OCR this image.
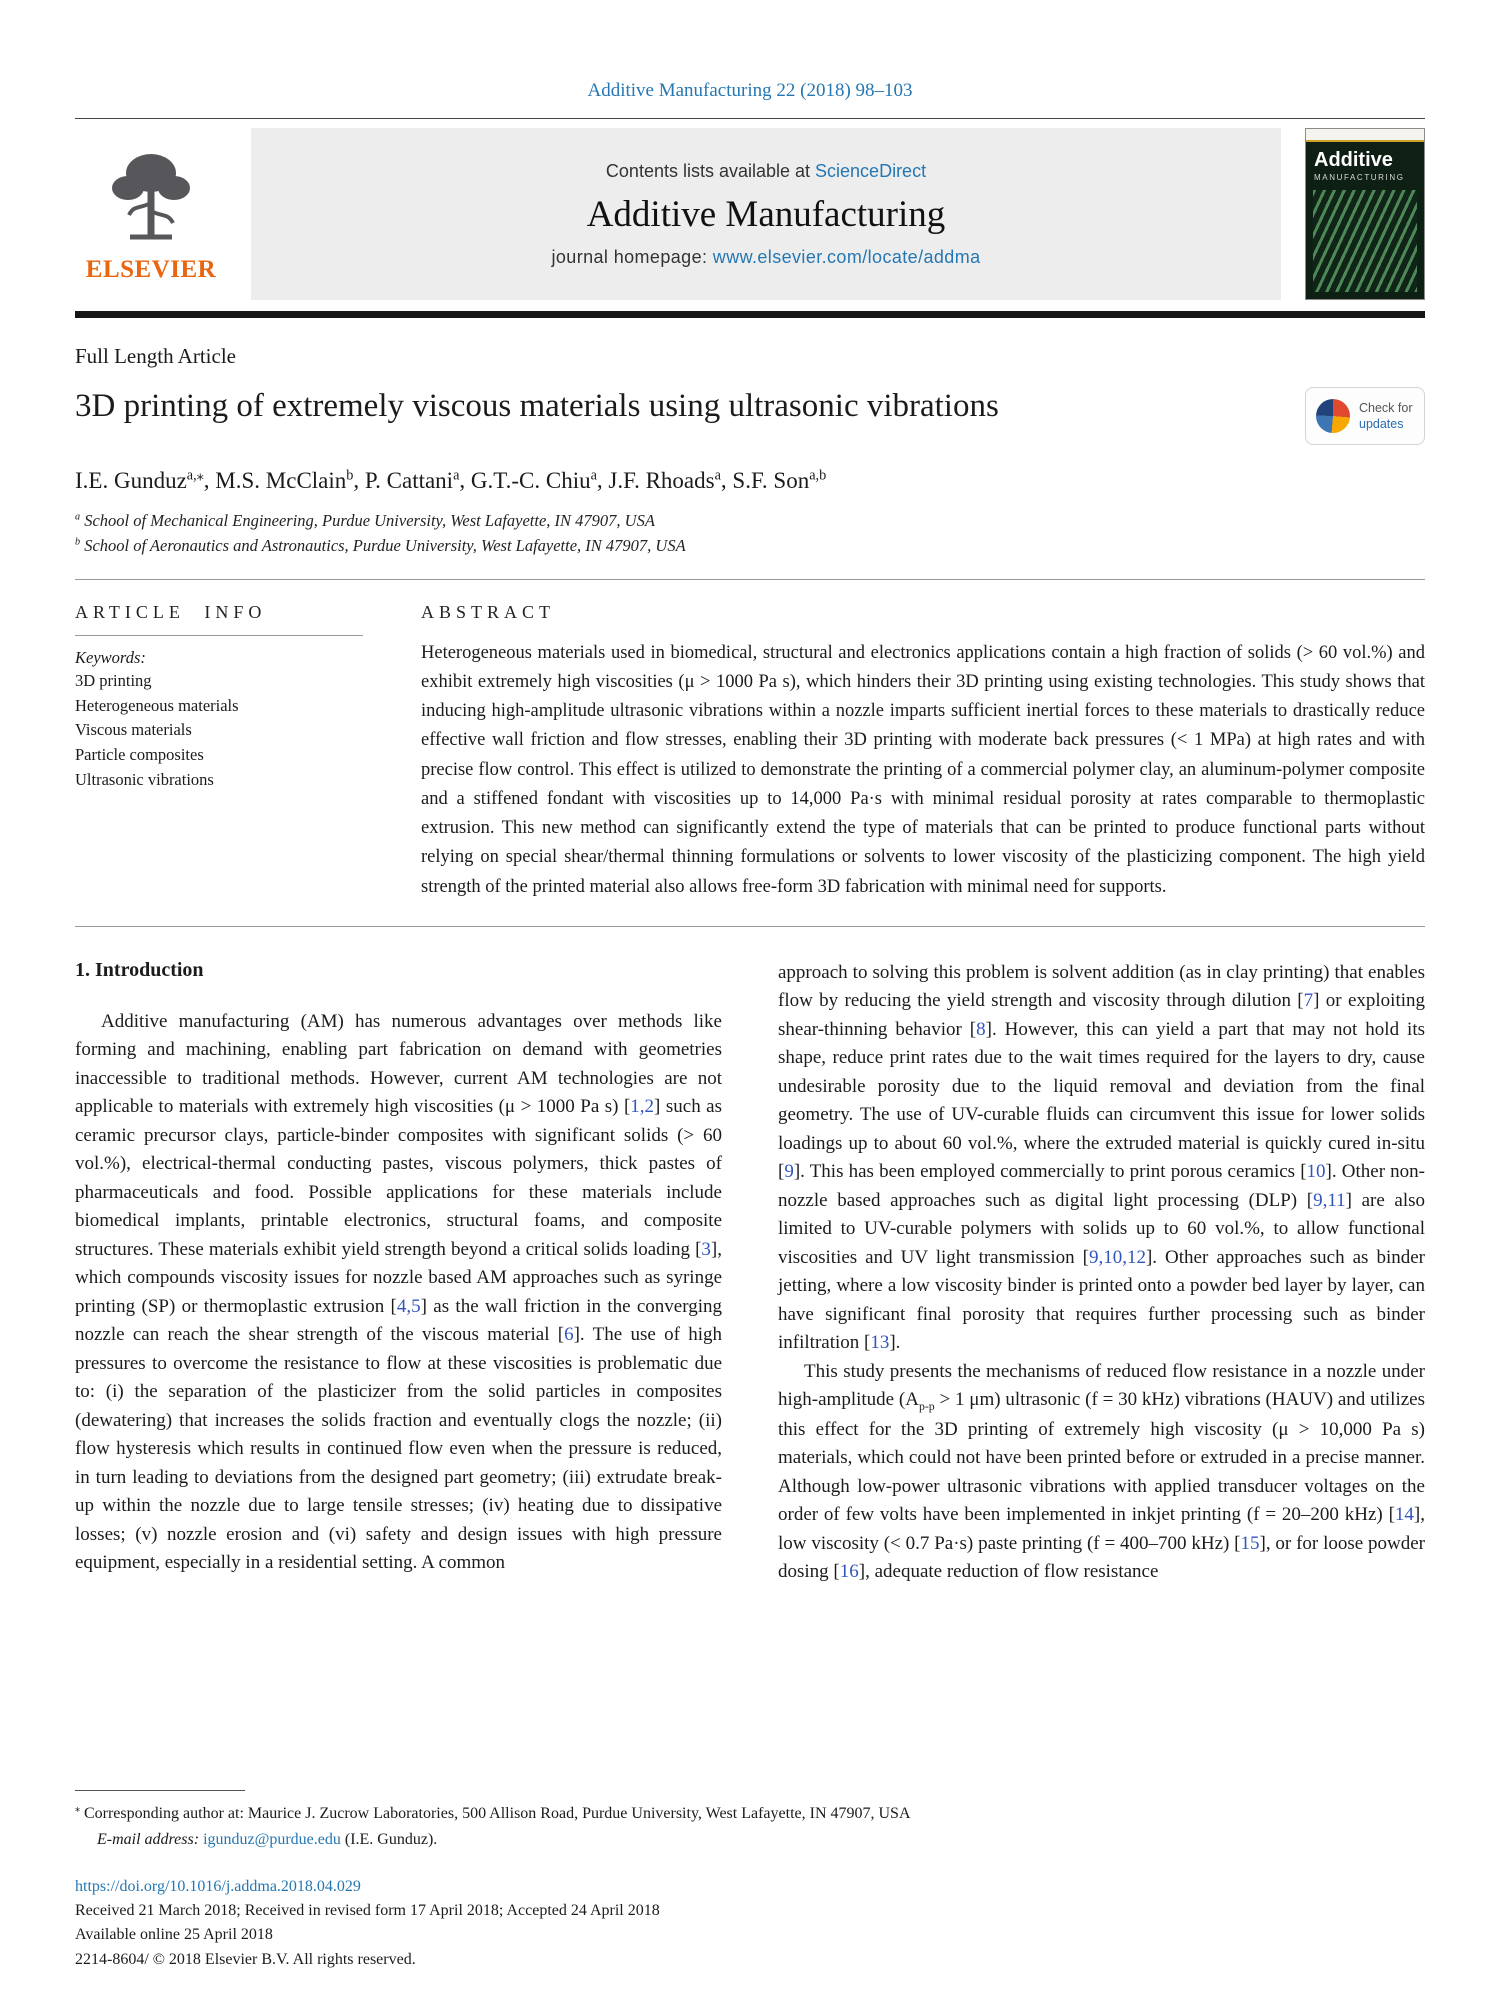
Additive Manufacturing 22 (2018) 98–103
ELSEVIER
Contents lists available at ScienceDirect
Additive Manufacturing
journal homepage: www.elsevier.com/locate/addma
Additive
MANUFACTURING
Full Length Article
3D printing of extremely viscous materials using ultrasonic vibrations	Check for
updates
I.E. Gunduz$^{a,⁎}$, M.S. McClain$^b$, P. Cattani$^a$, G.T.-C. Chiu$^a$, J.F. Rhoads$^a$, S.F. Son$^{a,b}$
$^a$ School of Mechanical Engineering, Purdue University, West Lafayette, IN 47907, USA
$^b$ School of Aeronautics and Astronautics, Purdue University, West Lafayette, IN 47907, USA
ARTICLE INFO
Keywords:
3D printing
Heterogeneous materials
Viscous materials
Particle composites
Ultrasonic vibrations
ABSTRACT

Heterogeneous materials used in biomedical, structural and electronics applications contain a high fraction of solids (> 60 vol.%) and exhibit extremely high viscosities (μ > 1000 Pa s), which hinders their 3D printing using existing technologies. This study shows that inducing high-amplitude ultrasonic vibrations within a nozzle imparts sufficient inertial forces to these materials to drastically reduce effective wall friction and flow stresses, enabling their 3D printing with moderate back pressures (< 1 MPa) at high rates and with precise flow control. This effect is utilized to demonstrate the printing of a commercial polymer clay, an aluminum-polymer composite and a stiffened fondant with viscosities up to 14,000 Pa·s with minimal residual porosity at rates comparable to thermoplastic extrusion. This new method can significantly extend the type of materials that can be printed to produce functional parts without relying on special shear/thermal thinning formulations or solvents to lower viscosity of the plasticizing component. The high yield strength of the printed material also allows free-form 3D fabrication with minimal need for supports.

1. Introduction

Additive manufacturing (AM) has numerous advantages over methods like forming and machining, enabling part fabrication on demand with geometries inaccessible to traditional methods. However, current AM technologies are not applicable to materials with extremely high viscosities (μ > 1000 Pa s) [1,2] such as ceramic precursor clays, particle-binder composites with significant solids (> 60 vol.%), electrical-thermal conducting pastes, viscous polymers, thick pastes of pharmaceuticals and food. Possible applications for these materials include biomedical implants, printable electronics, structural foams, and composite structures. These materials exhibit yield strength beyond a critical solids loading [3], which compounds viscosity issues for nozzle based AM approaches such as syringe printing (SP) or thermoplastic extrusion [4,5] as the wall friction in the converging nozzle can reach the shear strength of the viscous material [6]. The use of high pressures to overcome the resistance to flow at these viscosities is problematic due to: (i) the separation of the plasticizer from the solid particles in composites (dewatering) that increases the solids fraction and eventually clogs the nozzle; (ii) flow hysteresis which results in continued flow even when the pressure is reduced, in turn leading to deviations from the designed part geometry; (iii) extrudate break-up within the nozzle due to large tensile stresses; (iv) heating due to dissipative losses; (v) nozzle erosion and (vi) safety and design issues with high pressure equipment, especially in a residential setting. A common

approach to solving this problem is solvent addition (as in clay printing) that enables flow by reducing the yield strength and viscosity through dilution [7] or exploiting shear-thinning behavior [8]. However, this can yield a part that may not hold its shape, reduce print rates due to the wait times required for the layers to dry, cause undesirable porosity due to the liquid removal and deviation from the final geometry. The use of UV-curable fluids can circumvent this issue for lower solids loadings up to about 60 vol.%, where the extruded material is quickly cured in-situ [9]. This has been employed commercially to print porous ceramics [10]. Other non-nozzle based approaches such as digital light processing (DLP) [9,11] are also limited to UV-curable polymers with solids up to 60 vol.%, to allow functional viscosities and UV light transmission [9,10,12]. Other approaches such as binder jetting, where a low viscosity binder is printed onto a powder bed layer by layer, can have significant final porosity that requires further processing such as binder infiltration [13].

This study presents the mechanisms of reduced flow resistance in a nozzle under high-amplitude ($A_{p-p} > 1$ μm) ultrasonic (f = 30 kHz) vibrations (HAUV) and utilizes this effect for the 3D printing of extremely high viscosity (μ > 10,000 Pa s) materials, which could not have been printed before or extruded in a precise manner. Although low-power ultrasonic vibrations with applied transducer voltages on the order of few volts have been implemented in inkjet printing (f = 20–200 kHz) [14], low viscosity (< 0.7 Pa·s) paste printing (f = 400–700 kHz) [15], or for loose powder dosing [16], adequate reduction of flow resistance

⁎ Corresponding author at: Maurice J. Zucrow Laboratories, 500 Allison Road, Purdue University, West Lafayette, IN 47907, USA

E-mail address: igunduz@purdue.edu (I.E. Gunduz).

https://doi.org/10.1016/j.addma.2018.04.029
Received 21 March 2018; Received in revised form 17 April 2018; Accepted 24 April 2018
Available online 25 April 2018
2214-8604/ © 2018 Elsevier B.V. All rights reserved.
